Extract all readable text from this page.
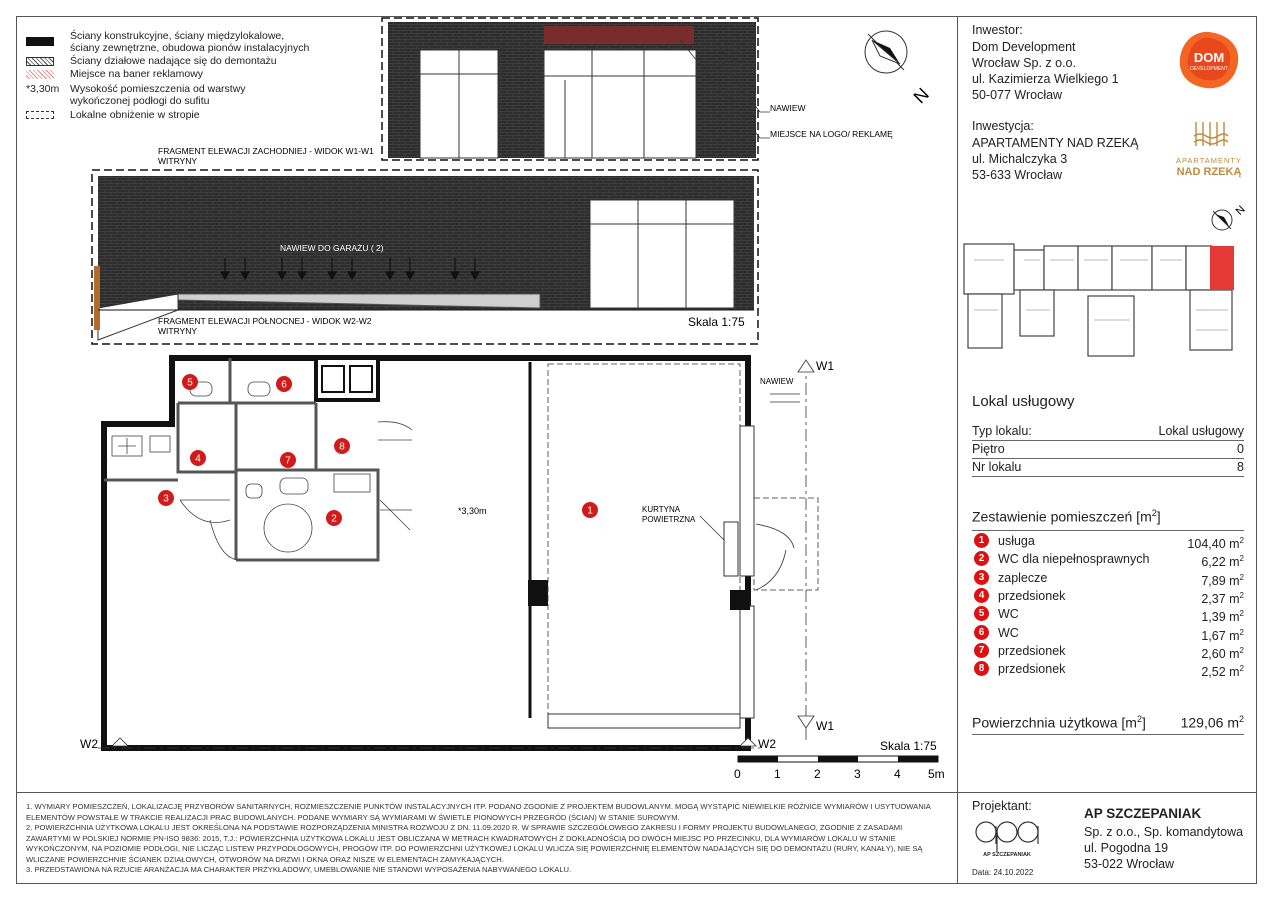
Ściany konstrukcyjne, ściany międzylokalowe,
ściany zewnętrzne, obudowa pionów instalacyjnych
Ściany działowe nadające się do demontażu
Miejsce na baner reklamowy
*3,30m Wysokość pomieszczenia od warstwy
wykończonej podłogi do sufitu
Lokalne obniżenie w stropie
1
2
3
4
5	6
7
8
FRAGMENT ELEWACJI ZACHODNIEJ - WIDOK W1-W1
WITRYNY
FRAGMENT ELEWACJI PÓŁNOCNEJ - WIDOK W2-W2
WITRYNY
NAWIEW
MIEJSCE NA LOGO/ REKLAMĘ
NAWIEW DO GARAŻU ( 2)
Skala 1:75
N
*3,30m	KURTYNA
POWIETRZNA
NAWIEW
W1
W1
W2	W2	Skala 1:75
0	1	2	3	4 5m
Inwestor:
Dom Development
Wrocław Sp. z o.o.
ul. Kazimierza Wielkiego 1
50-077 Wrocław
DOM
DEVELOPMENT
Inwestycja:
APARTAMENTY NAD RZEKĄ
ul. Michalczyka 3
53-633 Wrocław
APARTAMENTY
NAD RZEKĄ
N
Lokal usługowy
Typ lokalu:	Lokal usługowy
Piętro	0
Nr lokalu	8
Zestawienie pomieszczeń $[m^2]$
1	usługa	104,40 $m^2$
2	WC dla niepełnosprawnych	6,22 $m^2$
3	zaplecze	7,89 $m^2$
4	przedsionek	2,37 $m^2$
5	WC	1,39 $m^2$
6	WC	1,67 $m^2$
7	przedsionek	2,60 $m^2$
8	przedsionek	2,52 $m^2$
Powierzchnia użytkowa $[m^2]$	129,06 $m^2$
1. WYMIARY POMIESZCZEŃ, LOKALIZACJĘ PRZYBORÓW SANITARNYCH, ROZMIESZCZENIE PUNKTÓW INSTALACYJNYCH ITP. PODANO ZGODNIE Z PROJEKTEM BUDOWLANYM. MOGĄ WYSTĄPIĆ NIEWIELKIE RÓŻNICE WYMIARÓW I USYTUOWANIA
ELEMENTÓW POWSTAŁE W TRAKCIE REALIZACJI PRAC BUDOWLANYCH. PODANE WYMIARY SĄ WYMIARAMI W ŚWIETLE PIONOWYCH PRZEGRÓD (ŚCIAN) W STANIE SUROWYM.
2. POWIERZCHNIA UŻYTKOWA LOKALU JEST OKREŚLONA NA PODSTAWIE ROZPORZĄDZENIA MINISTRA ROZWOJU Z DN. 11.09.2020 R. W SPRAWIE SZCZEGÓŁOWEGO ZAKRESU I FORMY PROJEKTU BUDOWLANEGO, ZGODNIE Z ZASADAMI
ZAWARTYMI W POLSKIEJ NORMIE PN-ISO 9836: 2015, T.J.: POWIERZCHNIA UŻYTKOWA LOKALU JEST OBLICZANA W METRACH KWADRATOWYCH Z DOKŁADNOŚCIĄ DO DWÓCH MIEJSC PO PRZECINKU, DLA WYMIARÓW LOKALU W STANIE
WYKOŃCZONYM, NA POZIOMIE PODŁOGI, NIE LICZĄC LISTEW PRZYPODŁOGOWYCH, PROGÓW ITP. DO POWIERZCHNI UŻYTKOWEJ LOKALU WLICZA SIĘ POWIERZCHNIĘ ELEMENTÓW NADAJĄCYCH SIĘ DO DEMONTAŻU (RURY, KANAŁY), NIE SĄ
WLICZANE POWIERZCHNIE ŚCIANEK DZIAŁOWYCH, OTWORÓW NA DRZWI I OKNA ORAZ NISZE W ELEMENTACH ZAMYKAJĄCYCH.
3. PRZEDSTAWIONA NA RZUCIE ARANŻACJA MA CHARAKTER PRZYKŁADOWY, UMEBLOWANIE NIE STANOWI WYPOSAŻENIA NABYWANEGO LOKALU.
Projektant:
AP SZCZEPANIAK
Data: 24.10.2022
AP SZCZEPANIAK
Sp. z o.o., Sp. komandytowa
ul. Pogodna 19
53-022 Wrocław
